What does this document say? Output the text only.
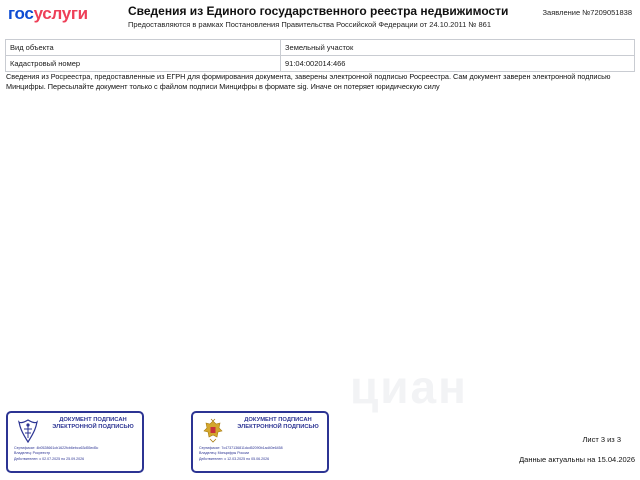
госуслуги	Сведения из Единого государственного реестра недвижимости
Предоставляются в рамках Постановления Правительства Российской Федерации от 24.10.2011 № 861
Заявление №7209051838
Вид объекта	Земельный участок
Кадастровый номер	91:04:002014:466
Сведения из Росреестра, предоставленные из ЕГРН для формирования документа, заверены электронной подписью Росреестра. Сам документ заверен электронной подписью Минцифры. Пересылайте документ только с файлом подписи Минцифры в формате sig. Иначе он потеряет юридическую силу
циан
ДОКУМЕНТ ПОДПИСАН ЭЛЕКТРОННОЙ ПОДПИСЬЮ
Сертификат: 4b0528661cb1622fcb6ebcc63d55ed5c
Владелец: Росреестр
Действителен: с 02.07.2025 по 25.09.2026
ДОКУМЕНТ ПОДПИСАН ЭЛЕКТРОННОЙ ПОДПИСЬЮ
Сертификат: 7c4737136811dcd52090b1ad40e6458
Владелец: Минцифры России
Действителен: с 12.03.2025 по 05.06.2026
Лист 3 из 3
Данные актуальны на 15.04.2026
